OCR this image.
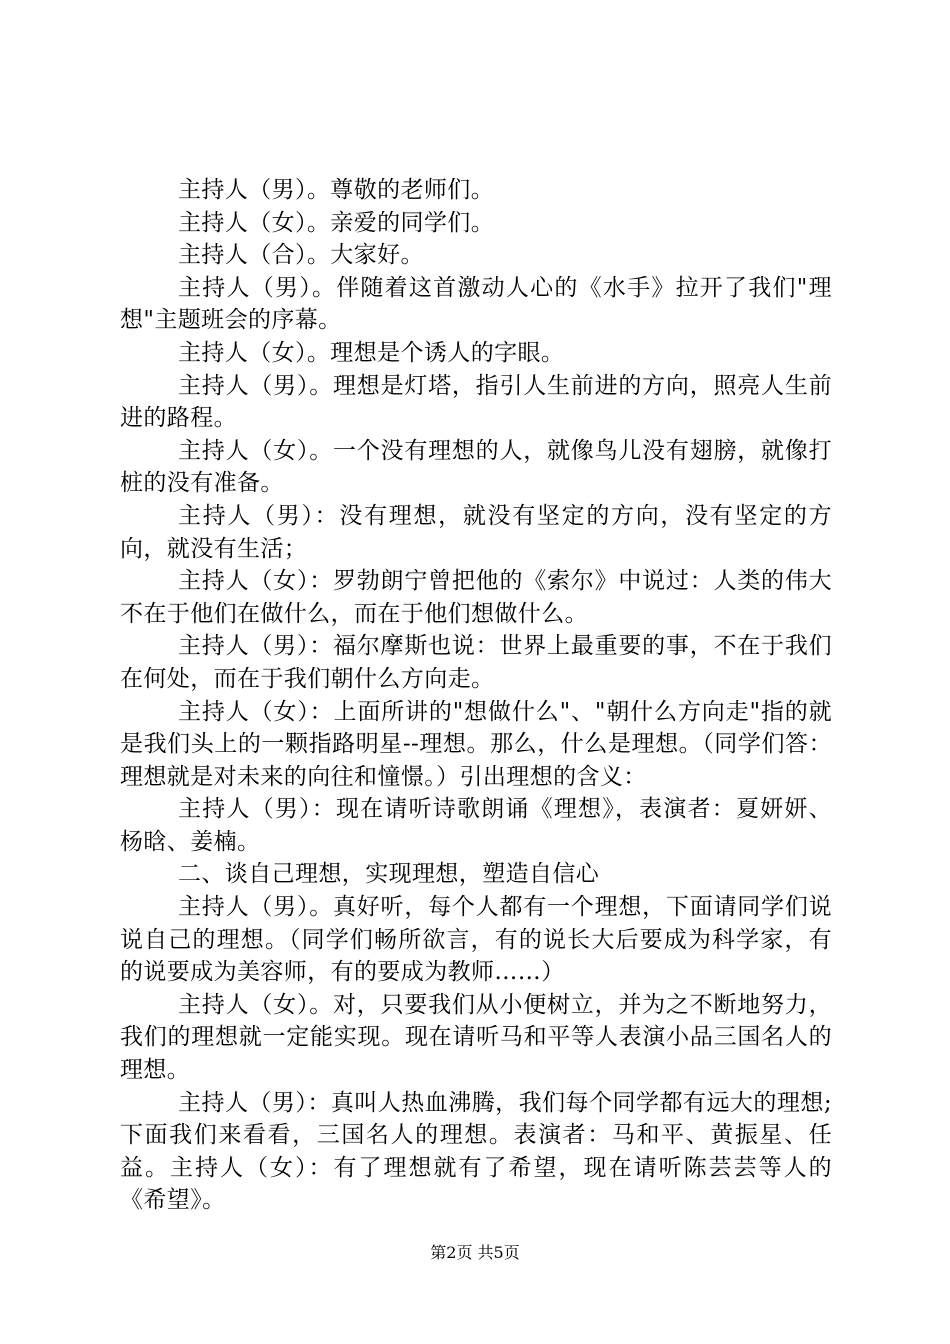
主持人（男）。尊敬的老师们。

主持人（女）。亲爱的同学们。

主持人（合）。大家好。

主持人（男）。伴随着这首激动人心的《水手》拉开了我们"理想"主题班会的序幕。

主持人（女）。理想是个诱人的字眼。

主持人（男）。理想是灯塔，指引人生前进的方向，照亮人生前进的路程。

主持人（女）。一个没有理想的人，就像鸟儿没有翅膀，就像打桩的没有准备。

主持人（男）：没有理想，就没有坚定的方向，没有坚定的方向，就没有生活；

主持人（女）：罗勃朗宁曾把他的《索尔》中说过：人类的伟大不在于他们在做什么，而在于他们想做什么。

主持人（男）：福尔摩斯也说：世界上最重要的事，不在于我们在何处，而在于我们朝什么方向走。

主持人（女）：上面所讲的"想做什么"、"朝什么方向走"指的就是我们头上的一颗指路明星--理想。那么，什么是理想。（同学们答：理想就是对未来的向往和憧憬。）引出理想的含义：

主持人（男）：现在请听诗歌朗诵《理想》，表演者：夏妍妍、杨晗、姜楠。

二、谈自己理想，实现理想，塑造自信心

主持人（男）。真好听，每个人都有一个理想，下面请同学们说说自己的理想。（同学们畅所欲言，有的说长大后要成为科学家，有的说要成为美容师，有的要成为教师……）

主持人（女）。对，只要我们从小便树立，并为之不断地努力，我们的理想就一定能实现。现在请听马和平等人表演小品三国名人的理想。

主持人（男）：真叫人热血沸腾，我们每个同学都有远大的理想;下面我们来看看，三国名人的理想。表演者：马和平、黄振星、任益。主持人（女）：有了理想就有了希望，现在请听陈芸芸等人的《希望》。

第2页 共5页
